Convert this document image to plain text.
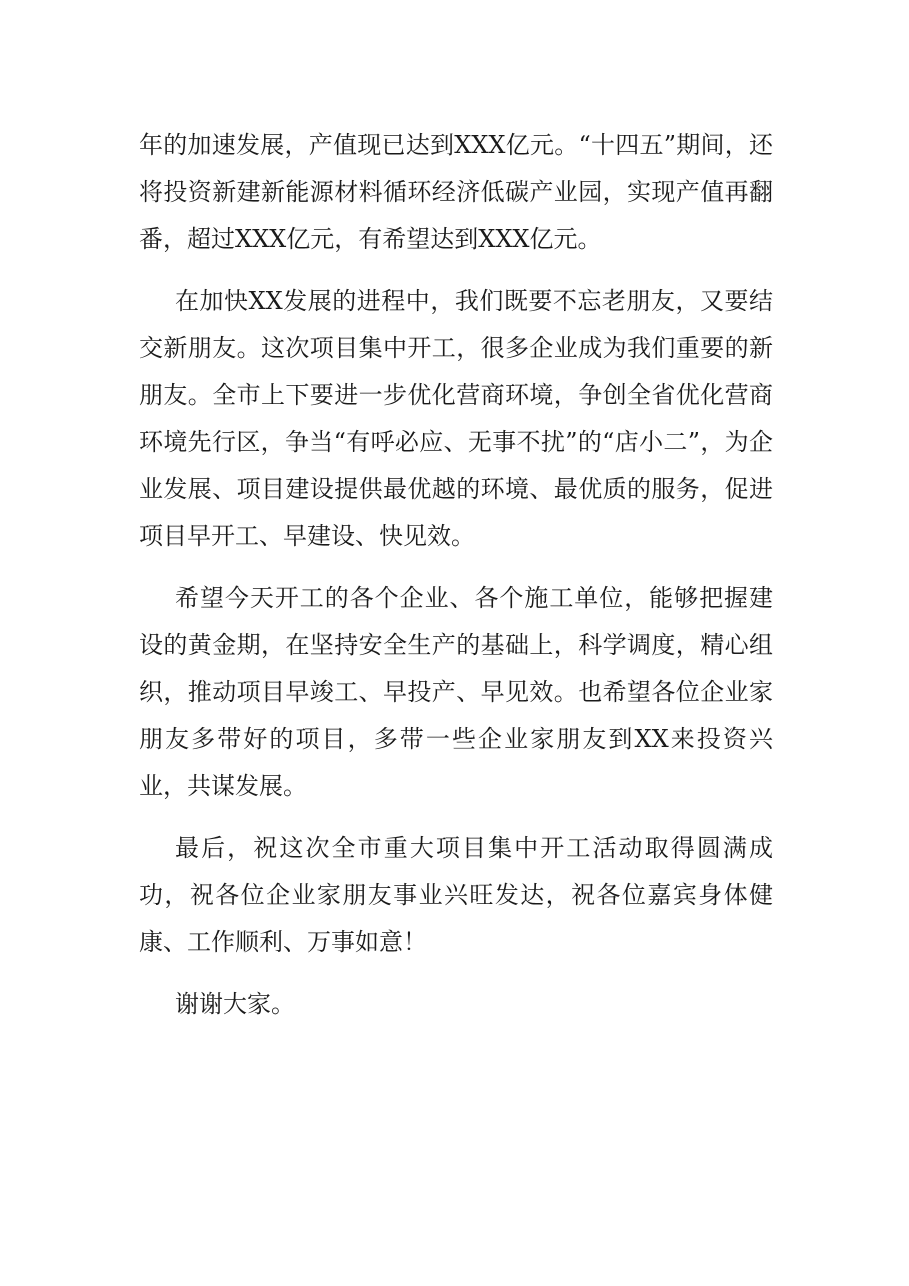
年的加速发展，产值现已达到XXX亿元。“十四五”期间，还将投资新建新能源材料循环经济低碳产业园，实现产值再翻番，超过XXX亿元，有希望达到XXX亿元。

在加快XX发展的进程中，我们既要不忘老朋友，又要结交新朋友。这次项目集中开工，很多企业成为我们重要的新朋友。全市上下要进一步优化营商环境，争创全省优化营商环境先行区，争当“有呼必应、无事不扰”的“店小二”，为企业发展、项目建设提供最优越的环境、最优质的服务，促进项目早开工、早建设、快见效。

希望今天开工的各个企业、各个施工单位，能够把握建设的黄金期，在坚持安全生产的基础上，科学调度，精心组织，推动项目早竣工、早投产、早见效。也希望各位企业家朋友多带好的项目，多带一些企业家朋友到XX来投资兴业，共谋发展。

最后，祝这次全市重大项目集中开工活动取得圆满成功，祝各位企业家朋友事业兴旺发达，祝各位嘉宾身体健康、工作顺利、万事如意！

谢谢大家。
